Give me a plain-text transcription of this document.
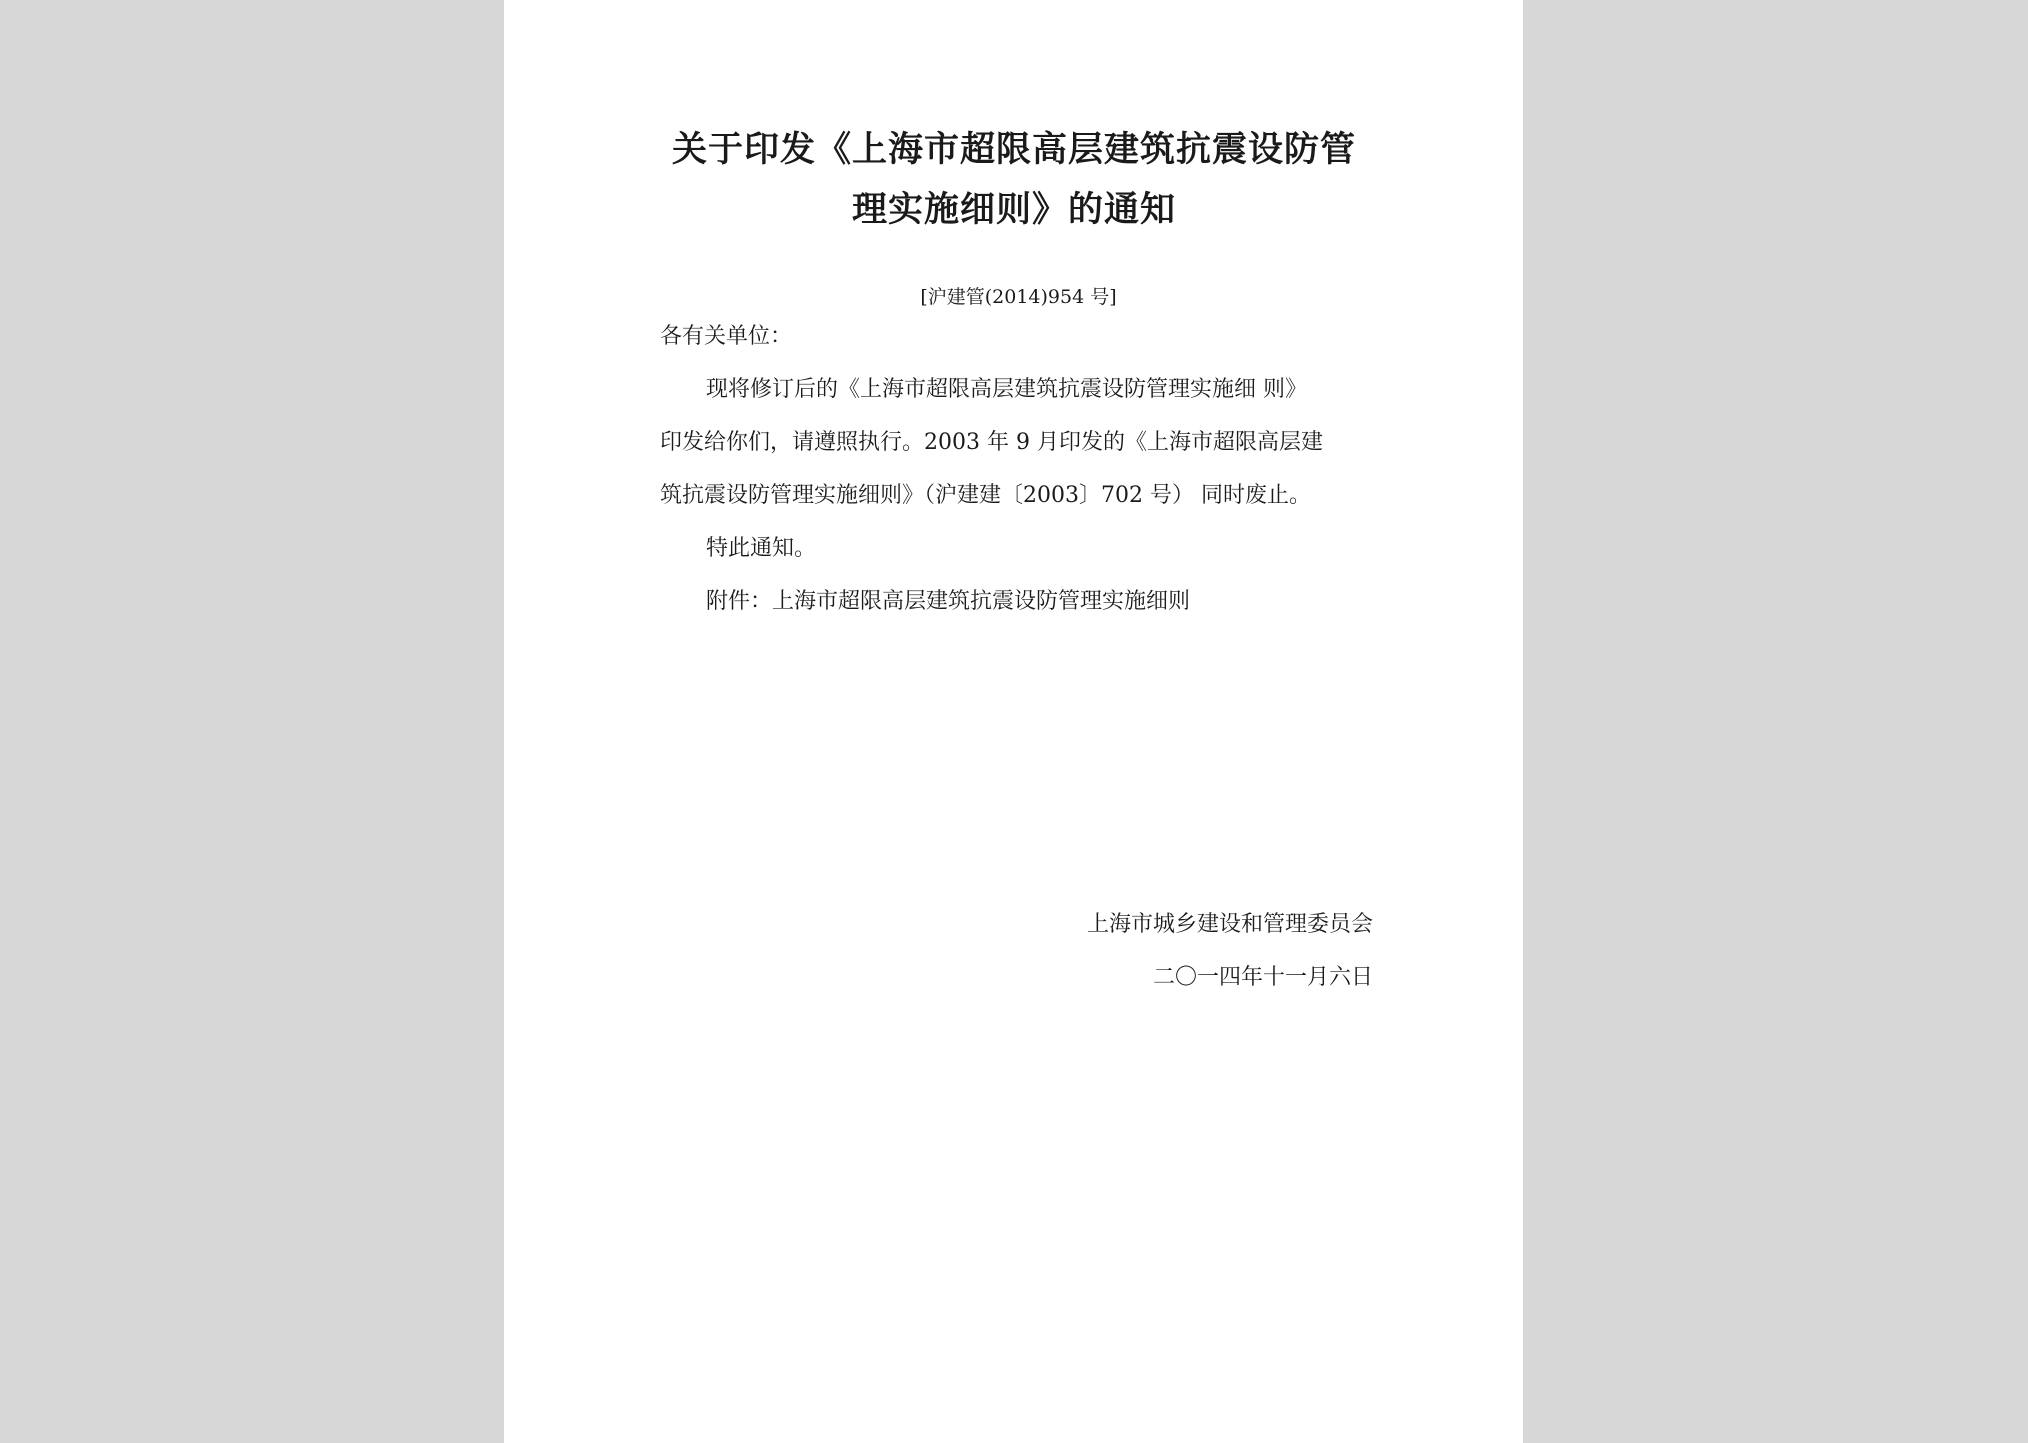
关于印发《上海市超限高层建筑抗震设防管
理实施细则》的通知
[沪建管(2014)954 号]
各有关单位：
现将修订后的《上海市超限高层建筑抗震设防管理实施细 则》
印发给你们，请遵照执行。2003 年 9 月印发的《上海市超限高层建
筑抗震设防管理实施细则》（沪建建〔2003〕702 号） 同时废止。
特此通知。
附件：上海市超限高层建筑抗震设防管理实施细则
上海市城乡建设和管理委员会
二〇一四年十一月六日
